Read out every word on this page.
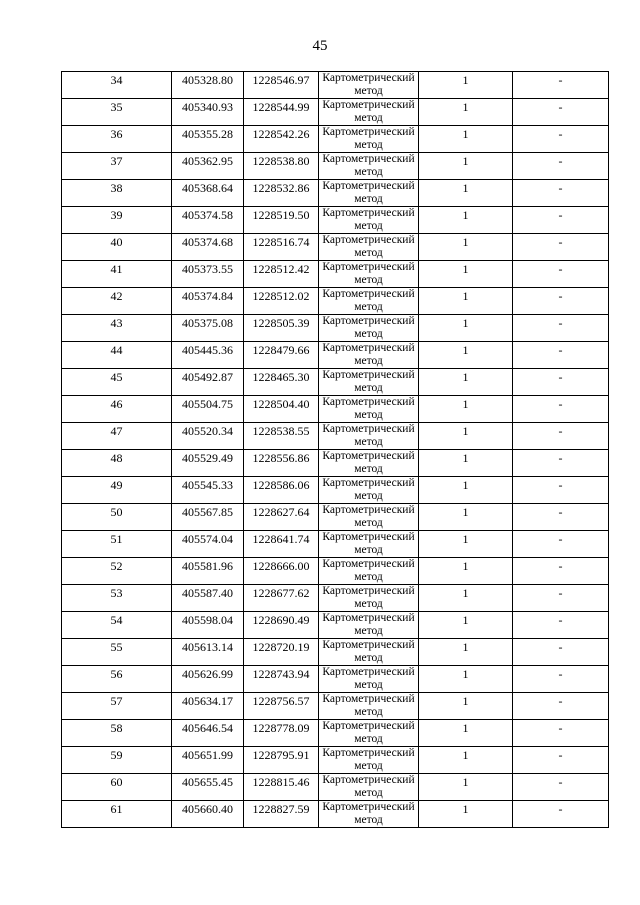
45
34	405328.80	1228546.97	Картометрический метод	1	-
35	405340.93	1228544.99	Картометрический метод	1	-
36	405355.28	1228542.26	Картометрический метод	1	-
37	405362.95	1228538.80	Картометрический метод	1	-
38	405368.64	1228532.86	Картометрический метод	1	-
39	405374.58	1228519.50	Картометрический метод	1	-
40	405374.68	1228516.74	Картометрический метод	1	-
41	405373.55	1228512.42	Картометрический метод	1	-
42	405374.84	1228512.02	Картометрический метод	1	-
43	405375.08	1228505.39	Картометрический метод	1	-
44	405445.36	1228479.66	Картометрический метод	1	-
45	405492.87	1228465.30	Картометрический метод	1	-
46	405504.75	1228504.40	Картометрический метод	1	-
47	405520.34	1228538.55	Картометрический метод	1	-
48	405529.49	1228556.86	Картометрический метод	1	-
49	405545.33	1228586.06	Картометрический метод	1	-
50	405567.85	1228627.64	Картометрический метод	1	-
51	405574.04	1228641.74	Картометрический метод	1	-
52	405581.96	1228666.00	Картометрический метод	1	-
53	405587.40	1228677.62	Картометрический метод	1	-
54	405598.04	1228690.49	Картометрический метод	1	-
55	405613.14	1228720.19	Картометрический метод	1	-
56	405626.99	1228743.94	Картометрический метод	1	-
57	405634.17	1228756.57	Картометрический метод	1	-
58	405646.54	1228778.09	Картометрический метод	1	-
59	405651.99	1228795.91	Картометрический метод	1	-
60	405655.45	1228815.46	Картометрический метод	1	-
61	405660.40	1228827.59	Картометрический метод	1	-
